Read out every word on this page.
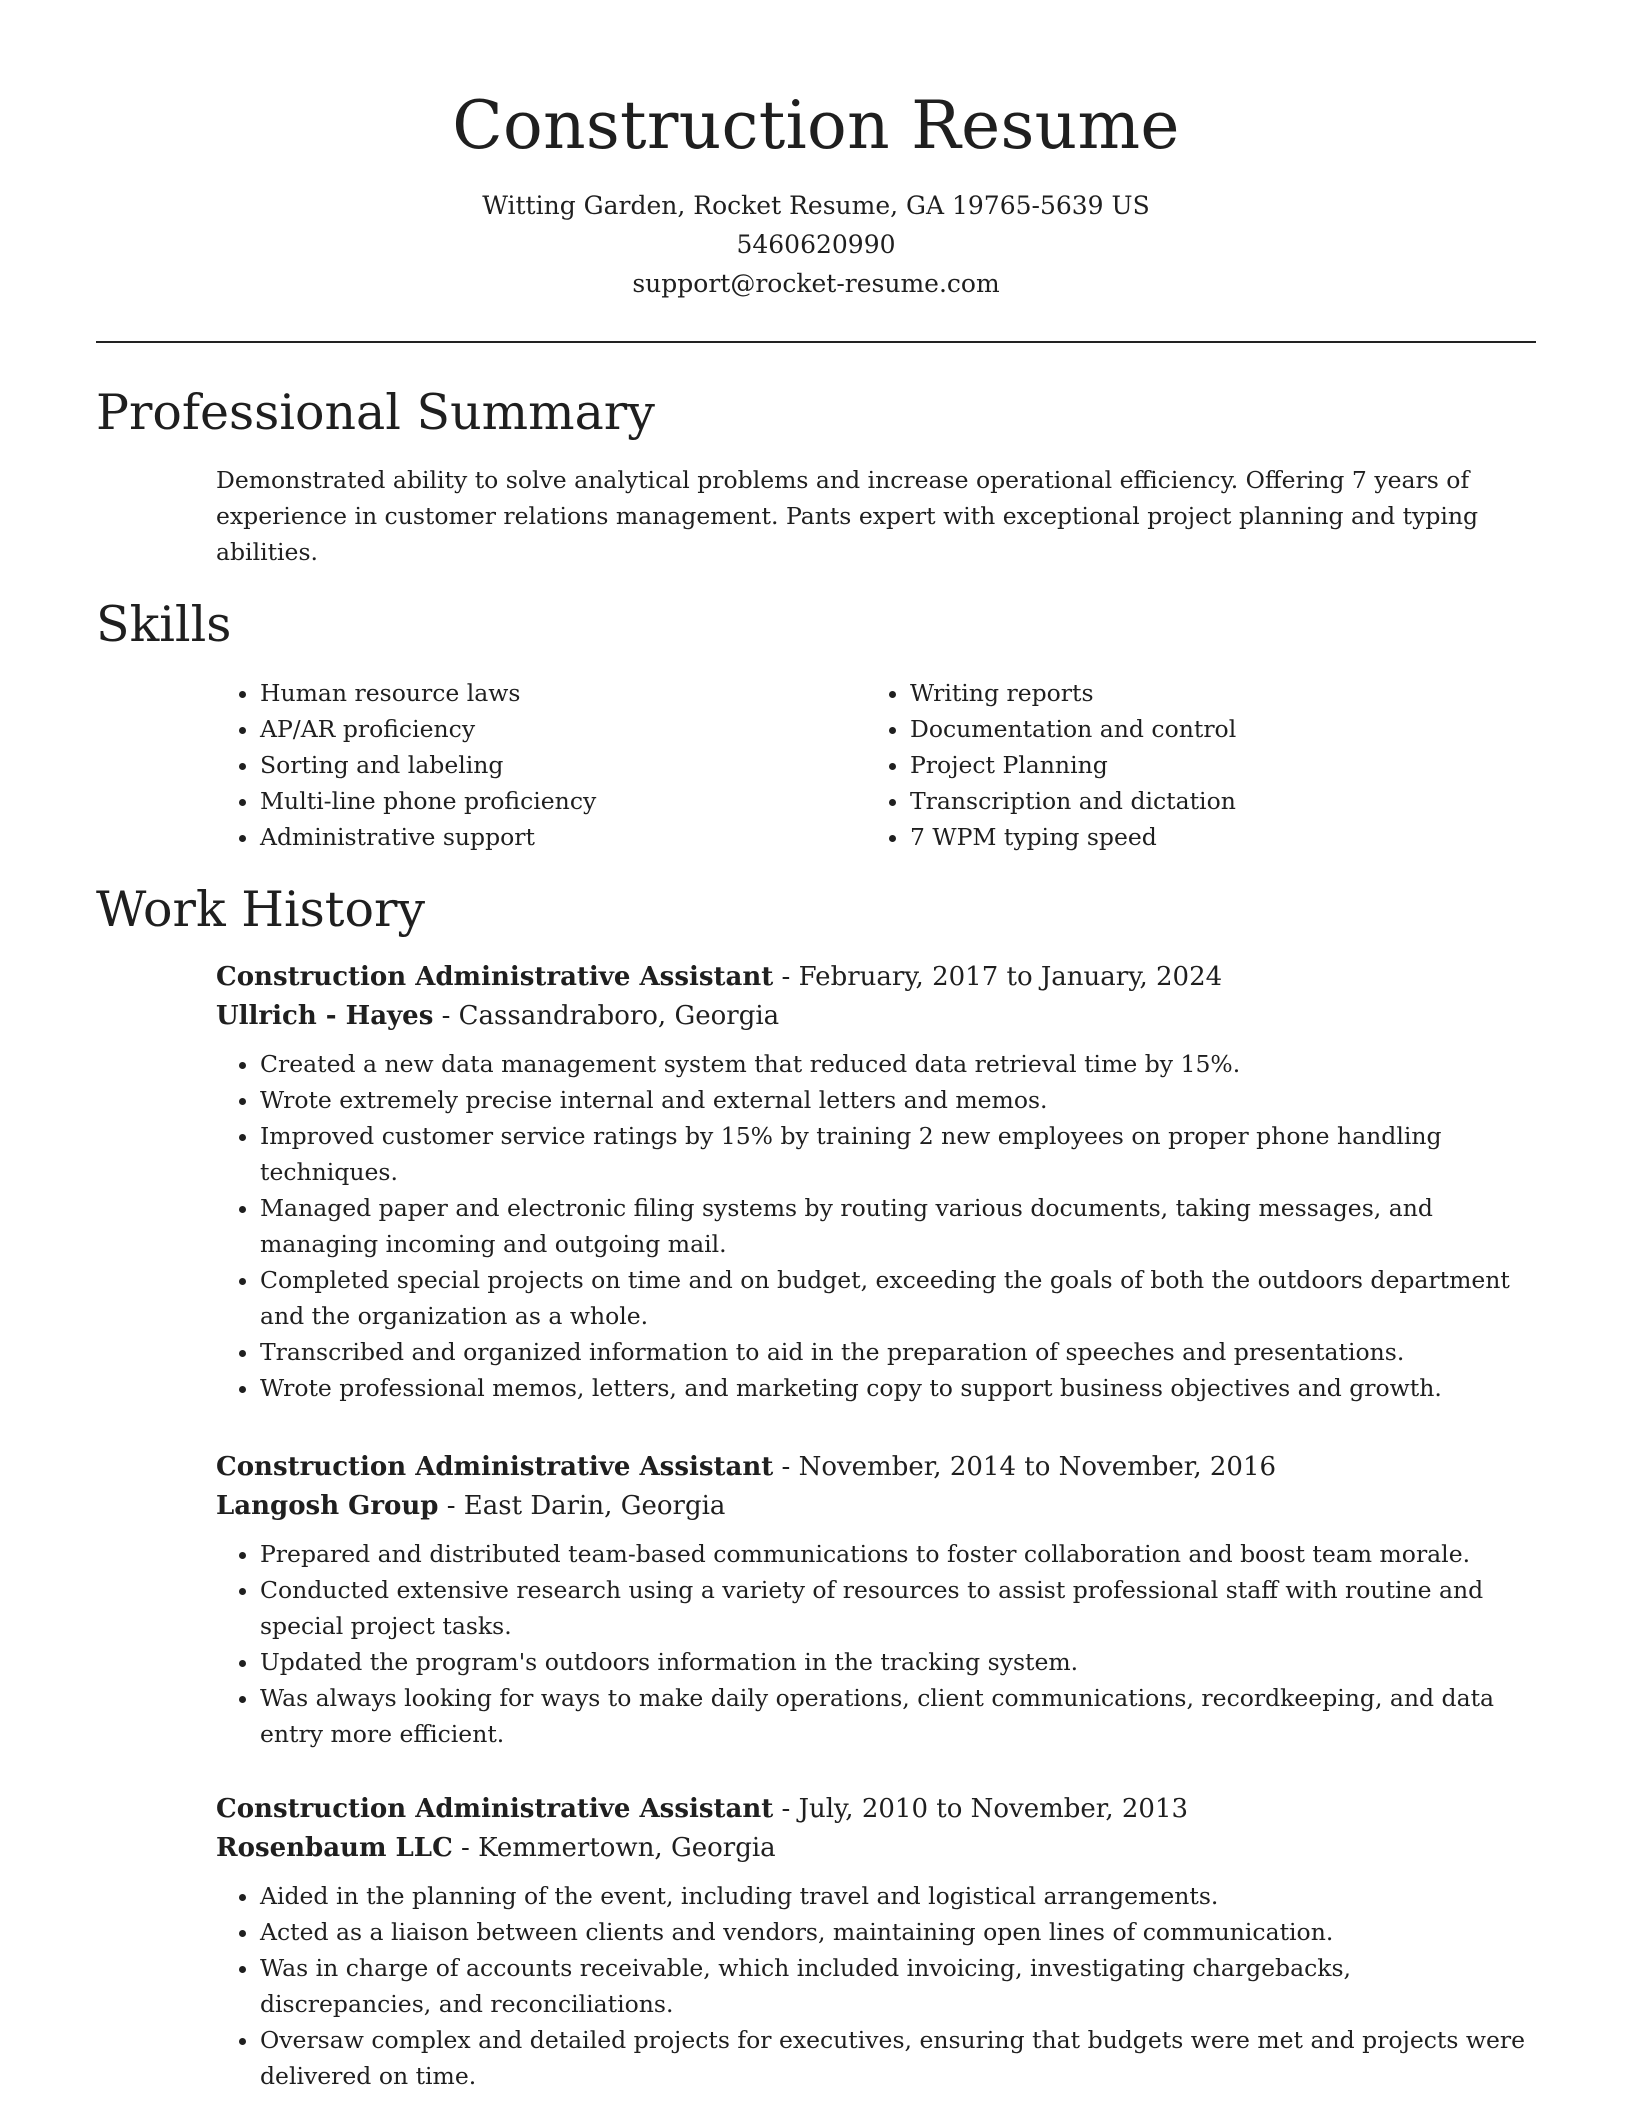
Construction Resume

Witting Garden, Rocket Resume, GA 19765-5639 US

5460620990

support@rocket-resume.com

Professional Summary

Demonstrated ability to solve analytical problems and increase operational efficiency. Offering 7 years of experience in customer relations management. Pants expert with exceptional project planning and typing abilities.

Skills
• Human resource laws
• AP/AR proficiency
• Sorting and labeling
• Multi-line phone proficiency
• Administrative support
• Writing reports
• Documentation and control
• Project Planning
• Transcription and dictation
• 7 WPM typing speed
Work History

Construction Administrative Assistant - February, 2017 to January, 2024

Ullrich - Hayes - Cassandraboro, Georgia

• Created a new data management system that reduced data retrieval time by 15%.
• Wrote extremely precise internal and external letters and memos.
• Improved customer service ratings by 15% by training 2 new employees on proper phone handling techniques.
• Managed paper and electronic filing systems by routing various documents, taking messages, and managing incoming and outgoing mail.
• Completed special projects on time and on budget, exceeding the goals of both the outdoors department and the organization as a whole.
• Transcribed and organized information to aid in the preparation of speeches and presentations.
• Wrote professional memos, letters, and marketing copy to support business objectives and growth.

Construction Administrative Assistant - November, 2014 to November, 2016

Langosh Group - East Darin, Georgia

• Prepared and distributed team-based communications to foster collaboration and boost team morale.
• Conducted extensive research using a variety of resources to assist professional staff with routine and special project tasks.
• Updated the program's outdoors information in the tracking system.
• Was always looking for ways to make daily operations, client communications, recordkeeping, and data entry more efficient.

Construction Administrative Assistant - July, 2010 to November, 2013

Rosenbaum LLC - Kemmertown, Georgia

• Aided in the planning of the event, including travel and logistical arrangements.
• Acted as a liaison between clients and vendors, maintaining open lines of communication.
• Was in charge of accounts receivable, which included invoicing, investigating chargebacks, discrepancies, and reconciliations.
• Oversaw complex and detailed projects for executives, ensuring that budgets were met and projects were delivered on time.
